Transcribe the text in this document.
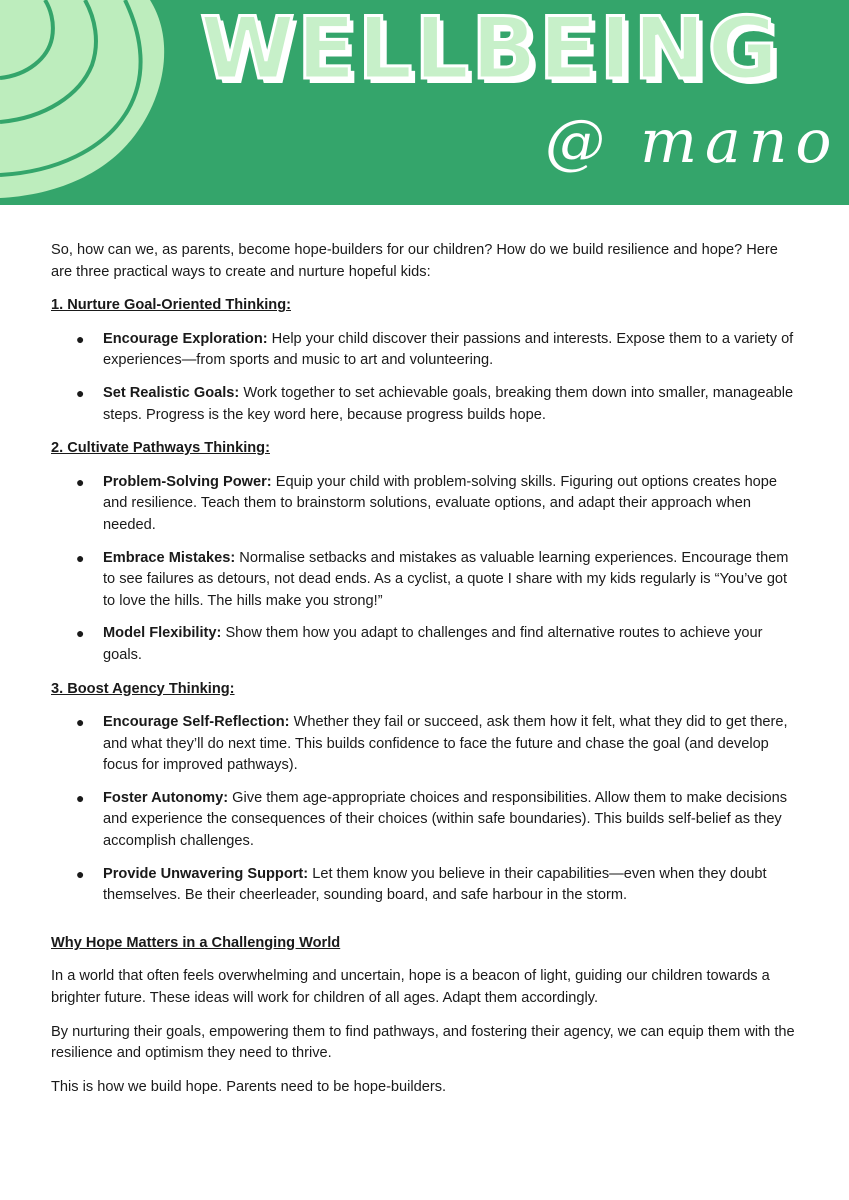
WELLBEING
@ mano

So, how can we, as parents, become hope-builders for our children? How do we build resilience and hope? Here are three practical ways to create and nurture hopeful kids:

1. Nurture Goal-Oriented Thinking:
● Encourage Exploration: Help your child discover their passions and interests. Expose them to a variety of experiences—from sports and music to art and volunteering.
● Set Realistic Goals: Work together to set achievable goals, breaking them down into smaller, manageable steps. Progress is the key word here, because progress builds hope.
2. Cultivate Pathways Thinking:
● Problem-Solving Power: Equip your child with problem-solving skills. Figuring out options creates hope and resilience. Teach them to brainstorm solutions, evaluate options, and adapt their approach when needed.
● Embrace Mistakes: Normalise setbacks and mistakes as valuable learning experiences. Encourage them to see failures as detours, not dead ends. As a cyclist, a quote I share with my kids regularly is “You’ve got to love the hills. The hills make you strong!”
● Model Flexibility: Show them how you adapt to challenges and find alternative routes to achieve your goals.
3. Boost Agency Thinking:
● Encourage Self-Reflection: Whether they fail or succeed, ask them how it felt, what they did to get there, and what they’ll do next time. This builds confidence to face the future and chase the goal (and develop focus for improved pathways).
● Foster Autonomy: Give them age-appropriate choices and responsibilities. Allow them to make decisions and experience the consequences of their choices (within safe boundaries). This builds self-belief as they accomplish challenges.
● Provide Unwavering Support: Let them know you believe in their capabilities—even when they doubt themselves. Be their cheerleader, sounding board, and safe harbour in the storm.
Why Hope Matters in a Challenging World

In a world that often feels overwhelming and uncertain, hope is a beacon of light, guiding our children towards a brighter future. These ideas will work for children of all ages. Adapt them accordingly.

By nurturing their goals, empowering them to find pathways, and fostering their agency, we can equip them with the resilience and optimism they need to thrive.

This is how we build hope. Parents need to be hope-builders.
